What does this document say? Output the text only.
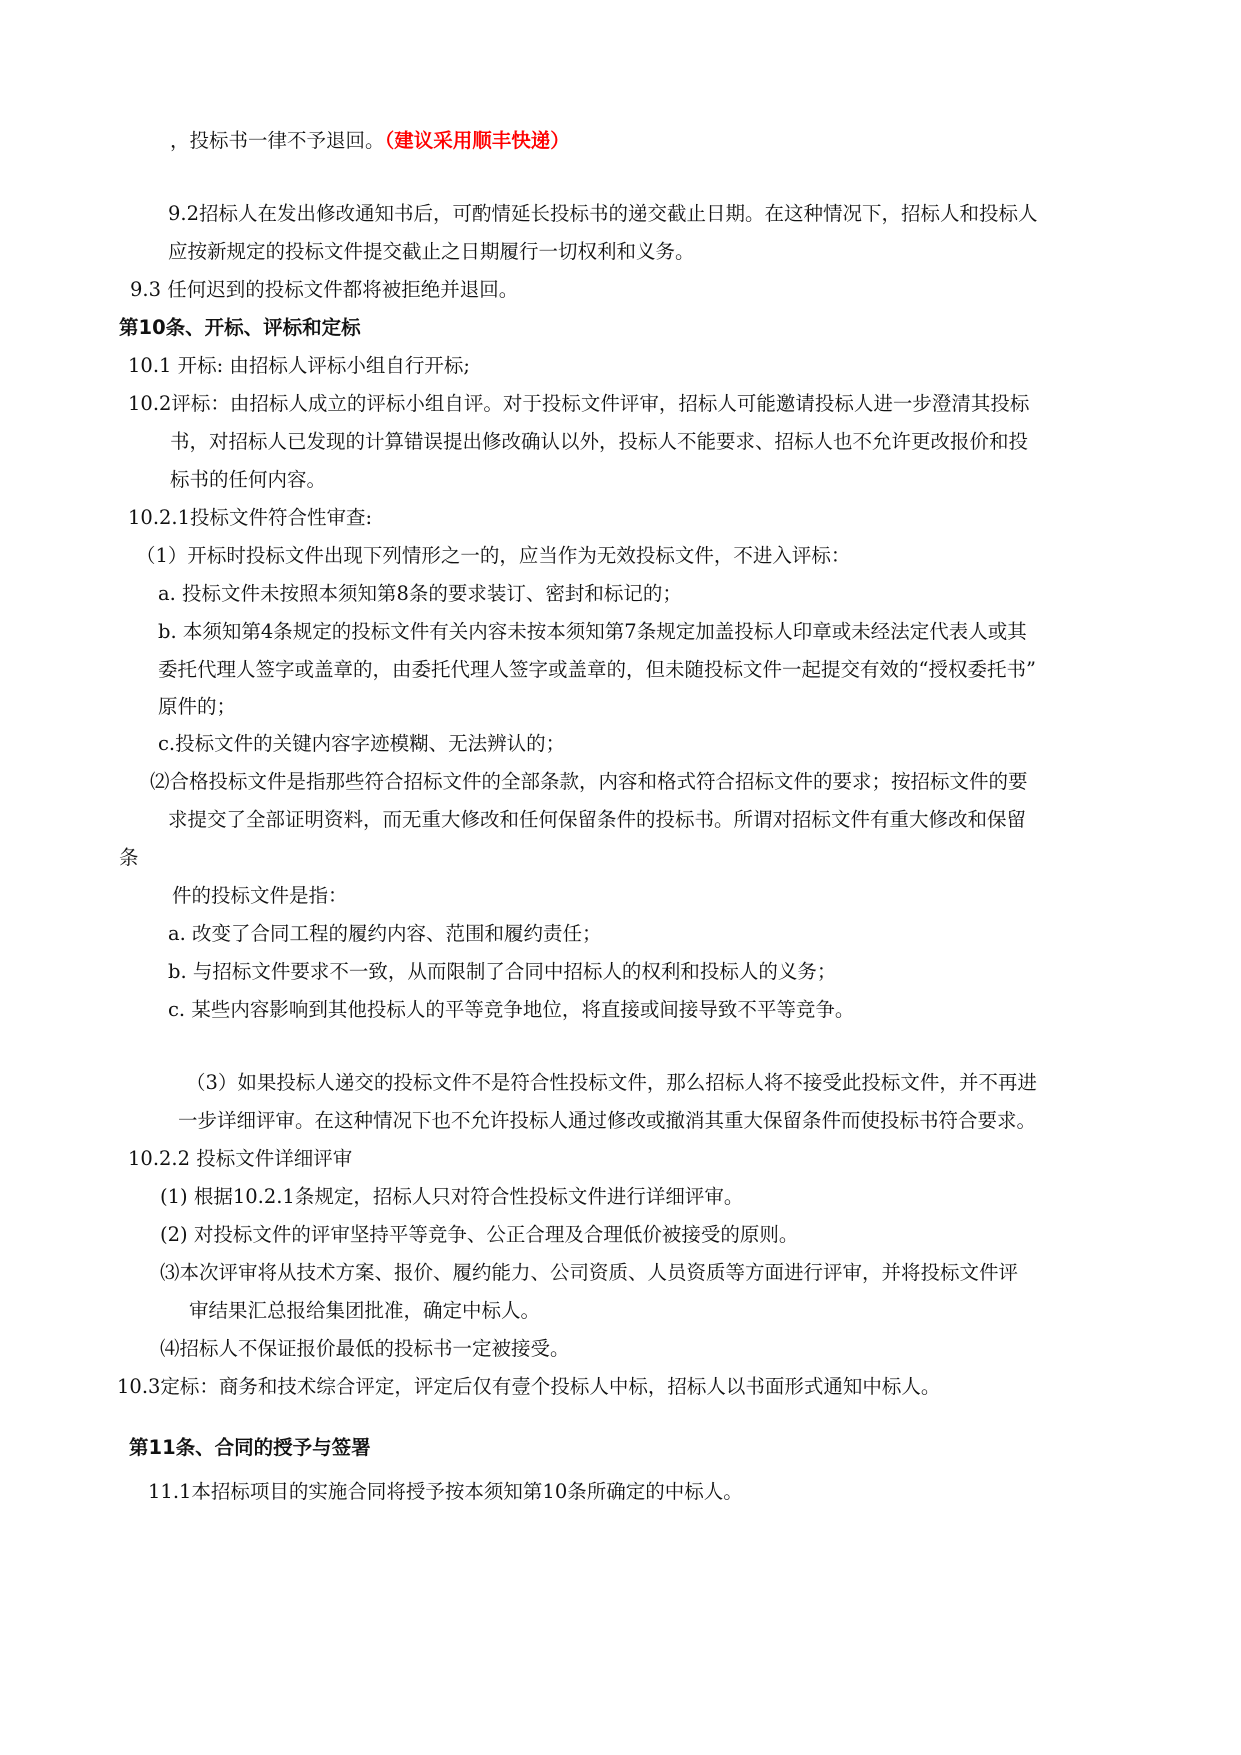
，投标书一律不予退回。（建议采用顺丰快递）
9.2招标人在发出修改通知书后，可酌情延长投标书的递交截止日期。在这种情况下，招标人和投标人
应按新规定的投标文件提交截止之日期履行一切权利和义务。
9.3 任何迟到的投标文件都将被拒绝并退回。
第10条、开标、评标和定标
10.1 开标: 由招标人评标小组自行开标;
10.2评标：由招标人成立的评标小组自评。对于投标文件评审，招标人可能邀请投标人进一步澄清其投标
书，对招标人已发现的计算错误提出修改确认以外，投标人不能要求、招标人也不允许更改报价和投
标书的任何内容。
10.2.1投标文件符合性审查:
（1）开标时投标文件出现下列情形之一的，应当作为无效投标文件，不进入评标：
a. 投标文件未按照本须知第8条的要求装订、密封和标记的；
b. 本须知第4条规定的投标文件有关内容未按本须知第7条规定加盖投标人印章或未经法定代表人或其
委托代理人签字或盖章的，由委托代理人签字或盖章的，但未随投标文件一起提交有效的“授权委托书”
原件的；
c.投标文件的关键内容字迹模糊、无法辨认的；
⑵合格投标文件是指那些符合招标文件的全部条款，内容和格式符合招标文件的要求；按招标文件的要
求提交了全部证明资料，而无重大修改和任何保留条件的投标书。所谓对招标文件有重大修改和保留
条
件的投标文件是指：
a. 改变了合同工程的履约内容、范围和履约责任；
b. 与招标文件要求不一致，从而限制了合同中招标人的权利和投标人的义务；
c. 某些内容影响到其他投标人的平等竞争地位，将直接或间接导致不平等竞争。
（3）如果投标人递交的投标文件不是符合性投标文件，那么招标人将不接受此投标文件，并不再进
一步详细评审。在这种情况下也不允许投标人通过修改或撤消其重大保留条件而使投标书符合要求。
10.2.2 投标文件详细评审
(1) 根据10.2.1条规定，招标人只对符合性投标文件进行详细评审。
(2) 对投标文件的评审坚持平等竞争、公正合理及合理低价被接受的原则。
⑶本次评审将从技术方案、报价、履约能力、公司资质、人员资质等方面进行评审，并将投标文件评
审结果汇总报给集团批准，确定中标人。
⑷招标人不保证报价最低的投标书一定被接受。
10.3定标：商务和技术综合评定，评定后仅有壹个投标人中标，招标人以书面形式通知中标人。
第11条、合同的授予与签署
11.1本招标项目的实施合同将授予按本须知第10条所确定的中标人。
